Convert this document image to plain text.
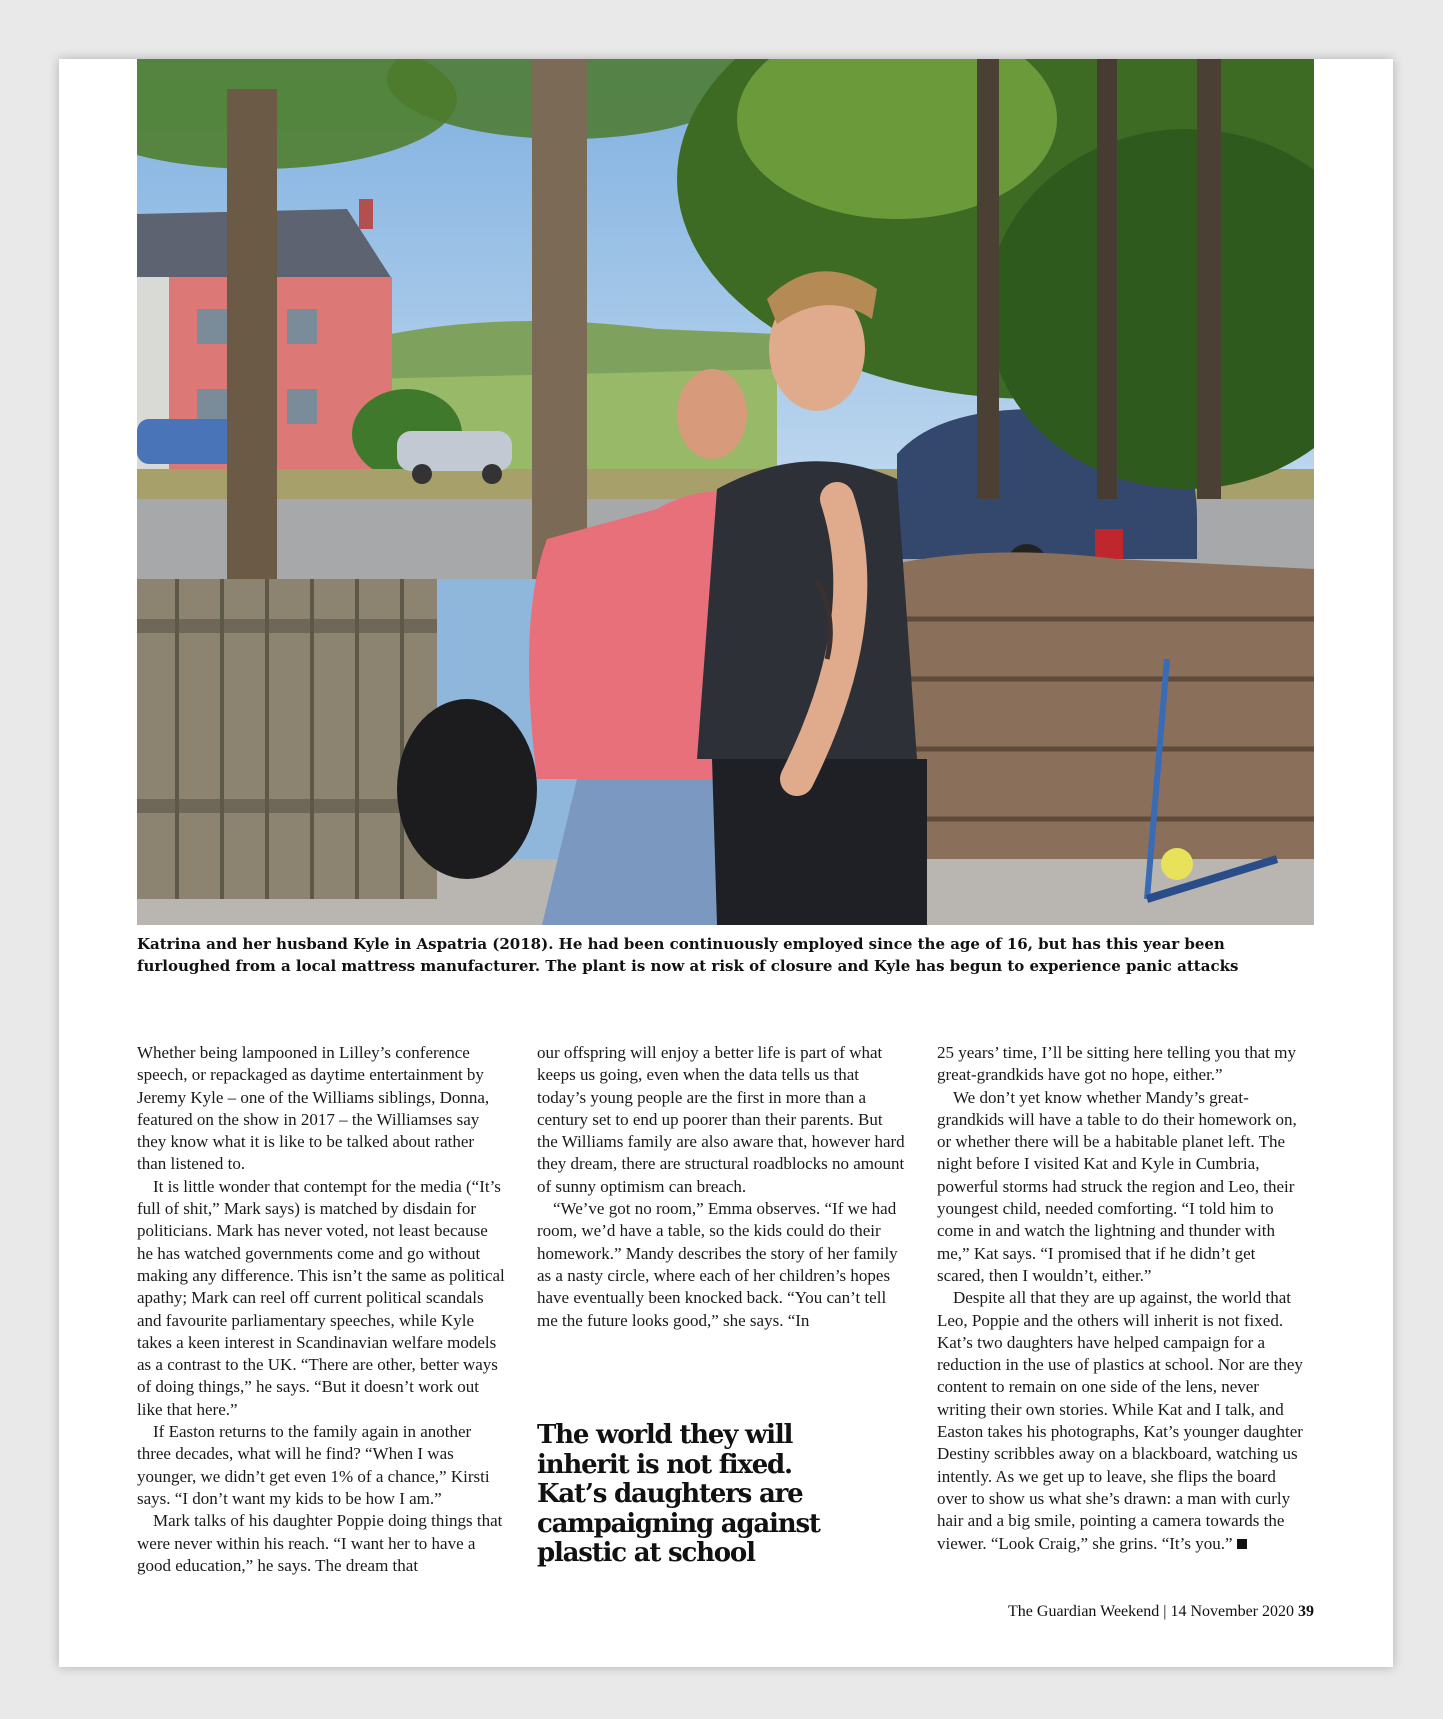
Katrina and her husband Kyle in Aspatria (2018). He had been continuously employed since the age of 16, but has this year been furloughed from a local mattress manufacturer. The plant is now at risk of closure and Kyle has begun to experience panic attacks

Whether being lampooned in Lilley’s conference speech, or repackaged as daytime entertainment by Jeremy Kyle – one of the Williams siblings, Donna, featured on the show in 2017 – the Williamses say they know what it is like to be talked about rather than listened to.

It is little wonder that contempt for the media (“It’s full of shit,” Mark says) is matched by disdain for politicians. Mark has never voted, not least because he has watched governments come and go without making any difference. This isn’t the same as political apathy; Mark can reel off current political scandals and favourite parliamentary speeches, while Kyle takes a keen interest in Scandinavian welfare models as a contrast to the UK. “There are other, better ways of doing things,” he says. “But it doesn’t work out like that here.”

If Easton returns to the family again in another three decades, what will he find? “When I was younger, we didn’t get even 1% of a chance,” Kirsti says. “I don’t want my kids to be how I am.”

Mark talks of his daughter Poppie doing things that were never within his reach. “I want her to have a good education,” he says. The dream that

our offspring will enjoy a better life is part of what keeps us going, even when the data tells us that today’s young people are the first in more than a century set to end up poorer than their parents. But the Williams family are also aware that, however hard they dream, there are structural roadblocks no amount of sunny optimism can breach.

“We’ve got no room,” Emma observes. “If we had room, we’d have a table, so the kids could do their homework.” Mandy describes the story of her family as a nasty circle, where each of her children’s hopes have eventually been knocked back. “You can’t tell me the future looks good,” she says. “In

The world they will inherit is not fixed. Kat’s daughters are campaigning against plastic at school

25 years’ time, I’ll be sitting here telling you that my great-grandkids have got no hope, either.”

We don’t yet know whether Mandy’s great-grandkids will have a table to do their homework on, or whether there will be a habitable planet left. The night before I visited Kat and Kyle in Cumbria, powerful storms had struck the region and Leo, their youngest child, needed comforting. “I told him to come in and watch the lightning and thunder with me,” Kat says. “I promised that if he didn’t get scared, then I wouldn’t, either.”

Despite all that they are up against, the world that Leo, Poppie and the others will inherit is not fixed. Kat’s two daughters have helped campaign for a reduction in the use of plastics at school. Nor are they content to remain on one side of the lens, never writing their own stories. While Kat and I talk, and Easton takes his photographs, Kat’s younger daughter Destiny scribbles away on a blackboard, watching us intently. As we get up to leave, she flips the board over to show us what she’s drawn: a man with curly hair and a big smile, pointing a camera towards the viewer. “Look Craig,” she grins. “It’s you.”

The Guardian Weekend | 14 November 2020 39
